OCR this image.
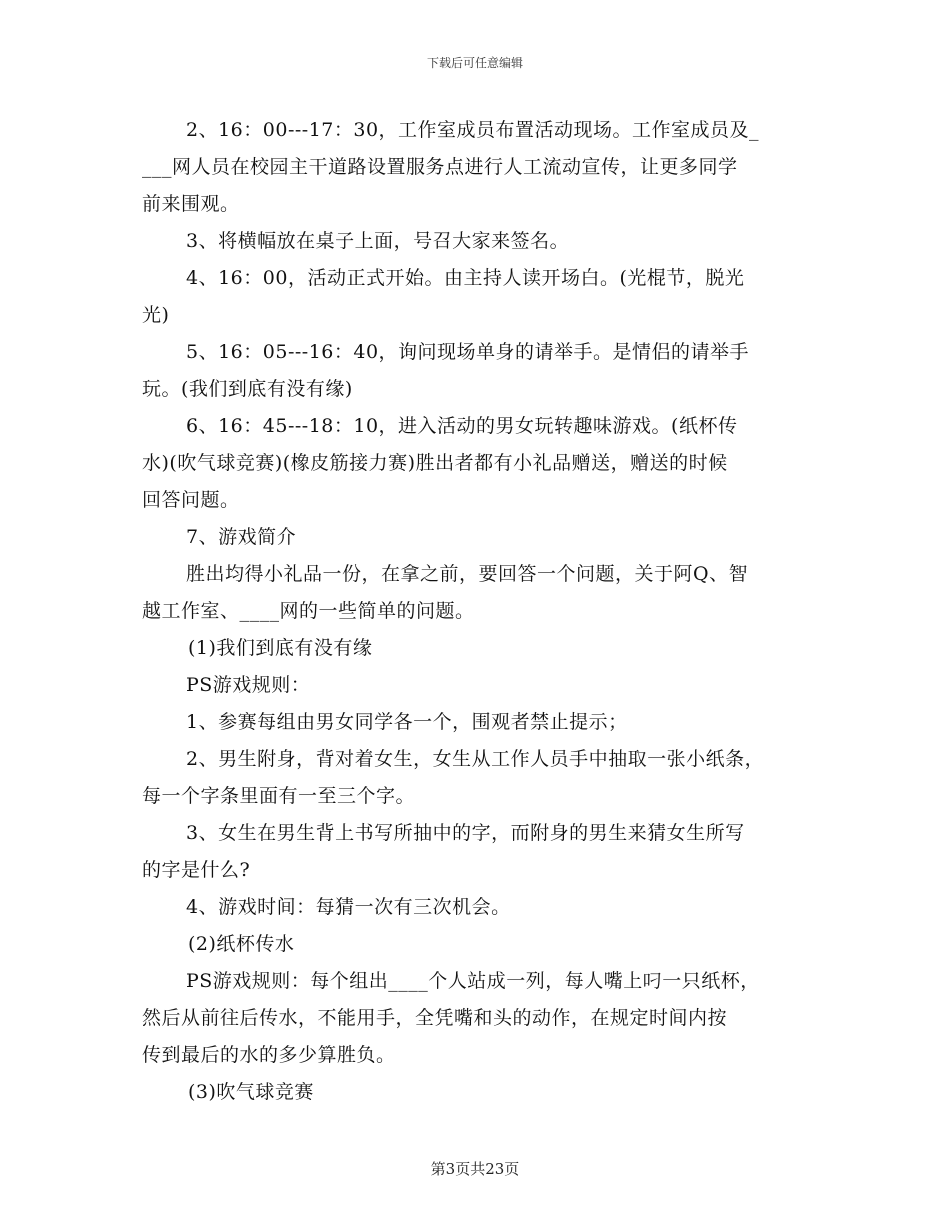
下载后可任意编辑
2、16：00---17：30，工作室成员布置活动现场。工作室成员及_
___网人员在校园主干道路设置服务点进行人工流动宣传，让更多同学
前来围观。
3、将横幅放在桌子上面，号召大家来签名。
4、16：00，活动正式开始。由主持人读开场白。(光棍节，脱光
光)
5、16：05---16：40，询问现场单身的请举手。是情侣的请举手
玩。(我们到底有没有缘)
6、16：45---18：10，进入活动的男女玩转趣味游戏。(纸杯传
水)(吹气球竞赛)(橡皮筋接力赛)胜出者都有小礼品赠送，赠送的时候
回答问题。
7、游戏简介
胜出均得小礼品一份，在拿之前，要回答一个问题，关于阿Q、智
越工作室、____网的一些简单的问题。
(1)我们到底有没有缘
PS游戏规则：
1、参赛每组由男女同学各一个，围观者禁止提示；
2、男生附身，背对着女生，女生从工作人员手中抽取一张小纸条，
每一个字条里面有一至三个字。
3、女生在男生背上书写所抽中的字，而附身的男生来猜女生所写
的字是什么?
4、游戏时间：每猜一次有三次机会。
(2)纸杯传水
PS游戏规则：每个组出____个人站成一列，每人嘴上叼一只纸杯，
然后从前往后传水，不能用手，全凭嘴和头的动作，在规定时间内按
传到最后的水的多少算胜负。
(3)吹气球竞赛
第3页共23页
